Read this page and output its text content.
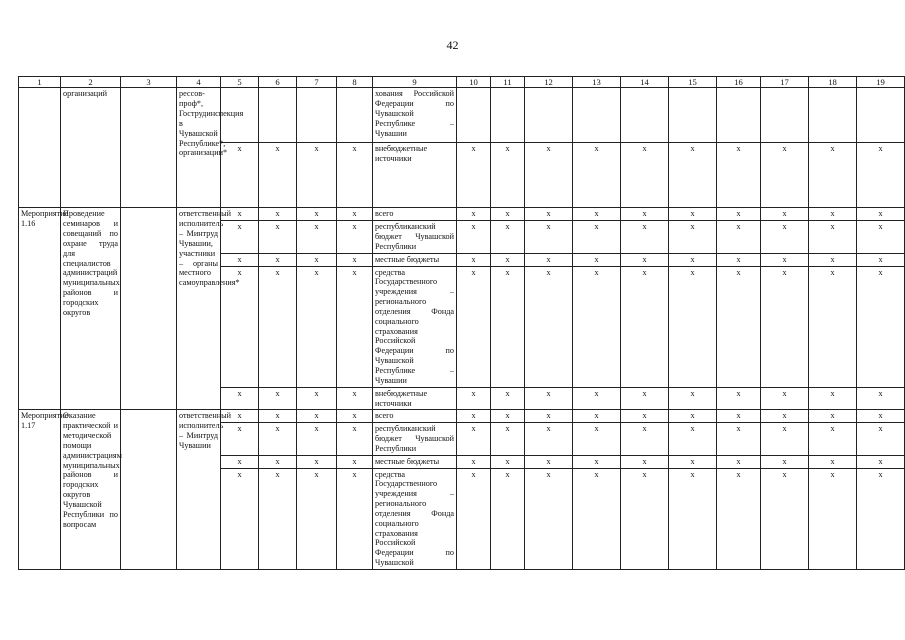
42
1	2	3	4	5	6	7	8	9	10	11	12	13	14	15	16	17	18	19
	организаций		рессов-проф*, Гострудинспекция в Чувашской Республике*, организации*					хования Российской Федерации по Чувашской Республике – Чувашии										
				x	x	x	x	внебюджетные источники	x	x	x	x	x	x	x	x	x	x
Мероприятие 1.16	Проведение семинаров и совещаний по охране труда для специалистов администраций муниципальных районов и городских округов		ответственный исполнитель – Минтруд Чувашии, участники – органы местного самоуправления*	x	x	x	x	всего	x	x	x	x	x	x	x	x	x	x
				x	x	x	x	республиканский бюджет Чувашской Республики	x	x	x	x	x	x	x	x	x	x
				x	x	x	x	местные бюджеты	x	x	x	x	x	x	x	x	x	x
				x	x	x	x	средства Государственного учреждения – регионального отделения Фонда социального страхования Российской Федерации по Чувашской Республике – Чувашии	x	x	x	x	x	x	x	x	x	x
				x	x	x	x	внебюджетные источники	x	x	x	x	x	x	x	x	x	x
Мероприятие 1.17	Оказание практической и методической помощи администрациям муниципальных районов и городских округов Чувашской Республики по вопросам		ответственный исполнитель – Минтруд Чувашии	x	x	x	x	всего	x	x	x	x	x	x	x	x	x	x
				x	x	x	x	республиканский бюджет Чувашской Республики	x	x	x	x	x	x	x	x	x	x
				x	x	x	x	местные бюджеты	x	x	x	x	x	x	x	x	x	x
				x	x	x	x	средства Государственного учреждения – регионального отделения Фонда социального страхования Российской Федерации по Чувашской	x	x	x	x	x	x	x	x	x	x
